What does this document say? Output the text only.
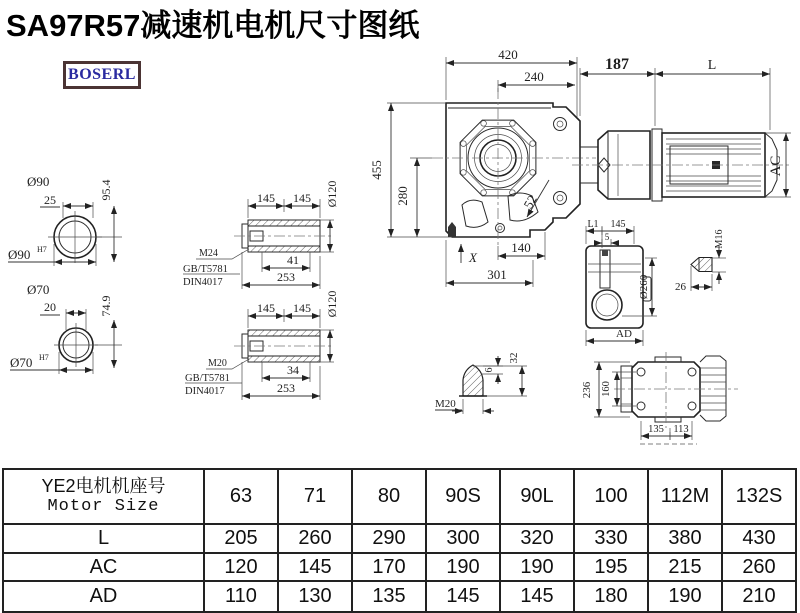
SA97R57减速机电机尺寸图纸
BOSERL
Ø90
25	95.4
Ø90 H7
Ø70
20	74.9
Ø70 H7
145 145 Ø120
M24
GB/T5781
DIN4017
41
253
145 145 Ø120
M20
GB/T5781
DIN4017
34
253
420
240
455
280	52
X
140
301
187	L
AC
L1 145
5
Ø260
AD
M16
26
6
32
M20
236 160
135 113
YE2电机机座号
Motor Size	63	71	80 90S 90L 100 112M 132S
L	205 260 290 300 320 330 380 430
AC	120 145 170 190 190 195 215 260
AD	110 130 135 145 145 180 190 210
